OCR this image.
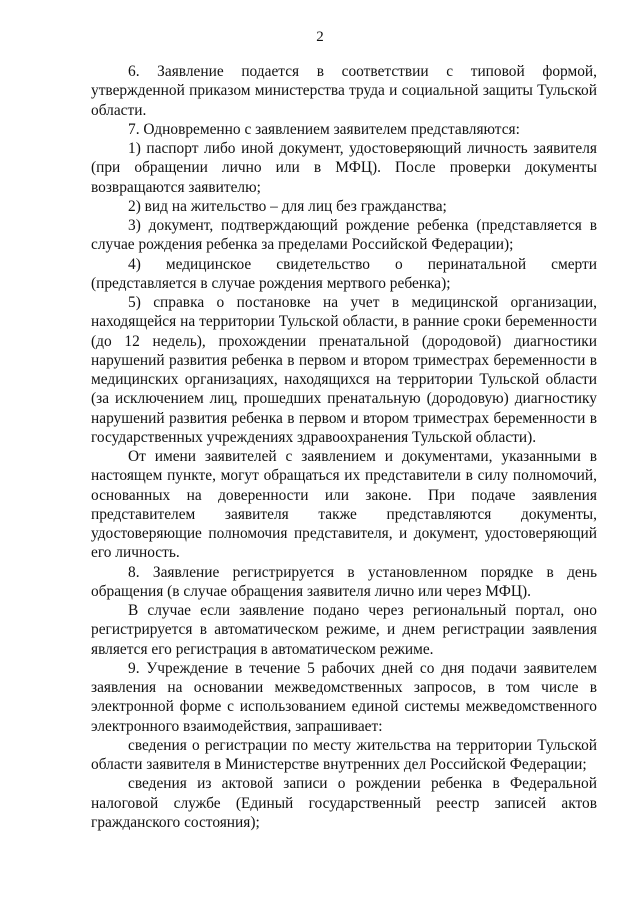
2

6. Заявление подается в соответствии с типовой формой, утвержденной приказом министерства труда и социальной защиты Тульской области.

7. Одновременно с заявлением заявителем представляются:

1) паспорт либо иной документ, удостоверяющий личность заявителя (при обращении лично или в МФЦ). После проверки документы возвращаются заявителю;

2) вид на жительство – для лиц без гражданства;

3) документ, подтверждающий рождение ребенка (представляется в случае рождения ребенка за пределами Российской Федерации);

4) медицинское свидетельство о перинатальной смерти (представляется в случае рождения мертвого ребенка);

5) справка о постановке на учет в медицинской организации, находящейся на территории Тульской области, в ранние сроки беременности (до 12 недель), прохождении пренатальной (дородовой) диагностики нарушений развития ребенка в первом и втором триместрах беременности в медицинских организациях, находящихся на территории Тульской области (за исключением лиц, прошедших пренатальную (дородовую) диагностику нарушений развития ребенка в первом и втором триместрах беременности в государственных учреждениях здравоохранения Тульской области).

От имени заявителей с заявлением и документами, указанными в настоящем пункте, могут обращаться их представители в силу полномочий, основанных на доверенности или законе. При подаче заявления представителем заявителя также представляются документы, удостоверяющие полномочия представителя, и документ, удостоверяющий его личность.

8. Заявление регистрируется в установленном порядке в день обращения (в случае обращения заявителя лично или через МФЦ).

В случае если заявление подано через региональный портал, оно регистрируется в автоматическом режиме, и днем регистрации заявления является его регистрация в автоматическом режиме.

9. Учреждение в течение 5 рабочих дней со дня подачи заявителем заявления на основании межведомственных запросов, в том числе в электронной форме с использованием единой системы межведомственного электронного взаимодействия, запрашивает:

сведения о регистрации по месту жительства на территории Тульской области заявителя в Министерстве внутренних дел Российской Федерации;

сведения из актовой записи о рождении ребенка в Федеральной налоговой службе (Единый государственный реестр записей актов гражданского состояния);
